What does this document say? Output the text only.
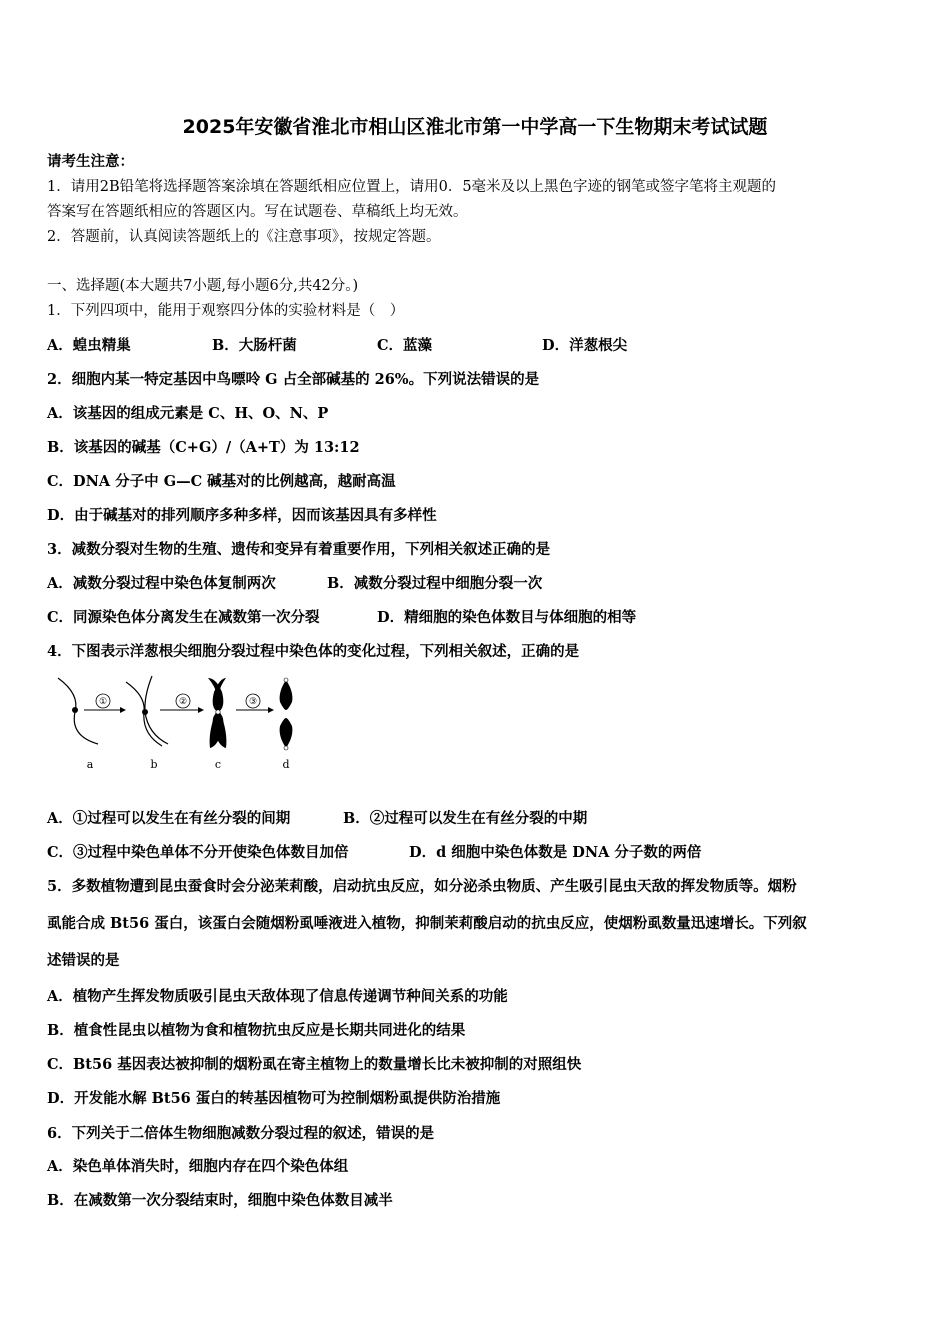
2025年安徽省淮北市相山区淮北市第一中学高一下生物期末考试试题
请考生注意：
1．请用2B铅笔将选择题答案涂填在答题纸相应位置上，请用0．5毫米及以上黑色字迹的钢笔或签字笔将主观题的
答案写在答题纸相应的答题区内。写在试题卷、草稿纸上均无效。
2．答题前，认真阅读答题纸上的《注意事项》，按规定答题。
一、选择题(本大题共7小题,每小题6分,共42分。)
1．下列四项中，能用于观察四分体的实验材料是（　）
A．蝗虫精巢	B．大肠杆菌	C．蓝藻	D．洋葱根尖
2．细胞内某一特定基因中鸟嘌呤 G 占全部碱基的 26%。下列说法错误的是
A．该基因的组成元素是 C、H、O、N、P
B．该基因的碱基（C+G）/（A+T）为 13:12
C．DNA 分子中 G—C 碱基对的比例越高，越耐高温
D．由于碱基对的排列顺序多种多样，因而该基因具有多样性
3．减数分裂对生物的生殖、遗传和变异有着重要作用，下列相关叙述正确的是
A．减数分裂过程中染色体复制两次	B．减数分裂过程中细胞分裂一次
C．同源染色体分离发生在减数第一次分裂	D．精细胞的染色体数目与体细胞的相等
4．下图表示洋葱根尖细胞分裂过程中染色体的变化过程，下列相关叙述，正确的是
①	②	③
a	b	c	d
A．①过程可以发生在有丝分裂的间期	B．②过程可以发生在有丝分裂的中期
C．③过程中染色单体不分开使染色体数目加倍	D．d 细胞中染色体数是 DNA 分子数的两倍
5．多数植物遭到昆虫蚕食时会分泌茉莉酸，启动抗虫反应，如分泌杀虫物质、产生吸引昆虫天敌的挥发物质等。烟粉
虱能合成 Bt56 蛋白，该蛋白会随烟粉虱唾液进入植物，抑制茉莉酸启动的抗虫反应，使烟粉虱数量迅速增长。下列叙
述错误的是
A．植物产生挥发物质吸引昆虫天敌体现了信息传递调节种间关系的功能
B．植食性昆虫以植物为食和植物抗虫反应是长期共同进化的结果
C．Bt56 基因表达被抑制的烟粉虱在寄主植物上的数量增长比未被抑制的对照组快
D．开发能水解 Bt56 蛋白的转基因植物可为控制烟粉虱提供防治措施
6．下列关于二倍体生物细胞减数分裂过程的叙述，错误的是
A．染色单体消失时，细胞内存在四个染色体组
B．在减数第一次分裂结束时，细胞中染色体数目减半
